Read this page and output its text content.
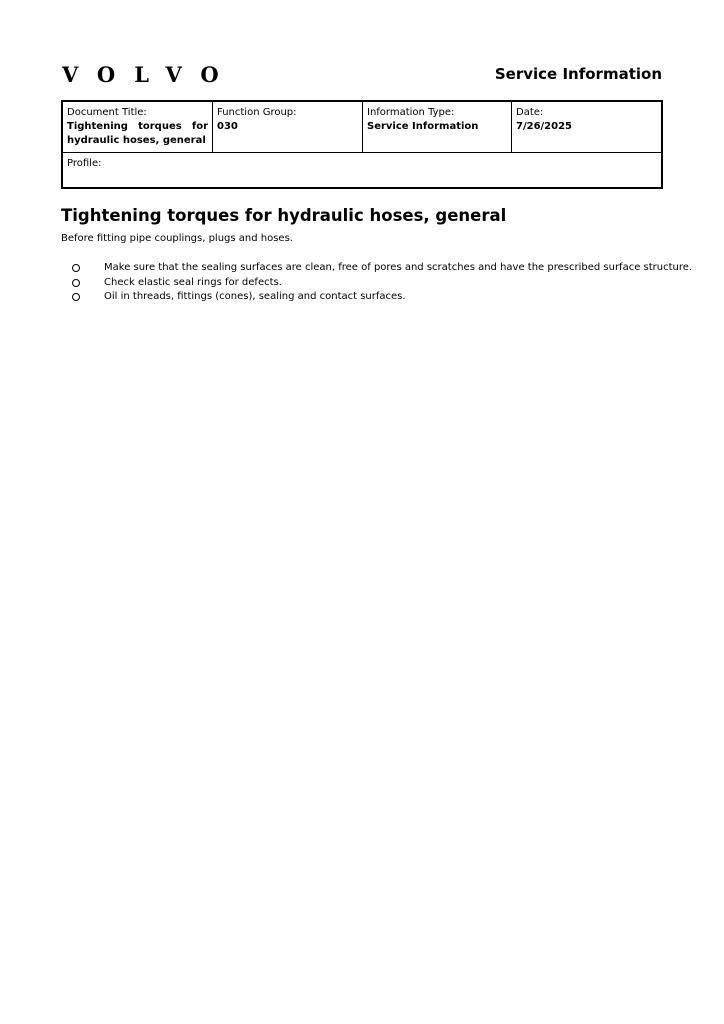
VOLVO	Service Information
Document Title:
Tightening torques for hydraulic hoses, general
Function Group:
030
Information Type:
Service Information
Date:
7/26/2025
Profile:
Tightening torques for hydraulic hoses, general

Before fitting pipe couplings, plugs and hoses.

Make sure that the sealing surfaces are clean, free of pores and scratches and have the prescribed surface structure.
Check elastic seal rings for defects.
Oil in threads, fittings (cones), sealing and contact surfaces.
